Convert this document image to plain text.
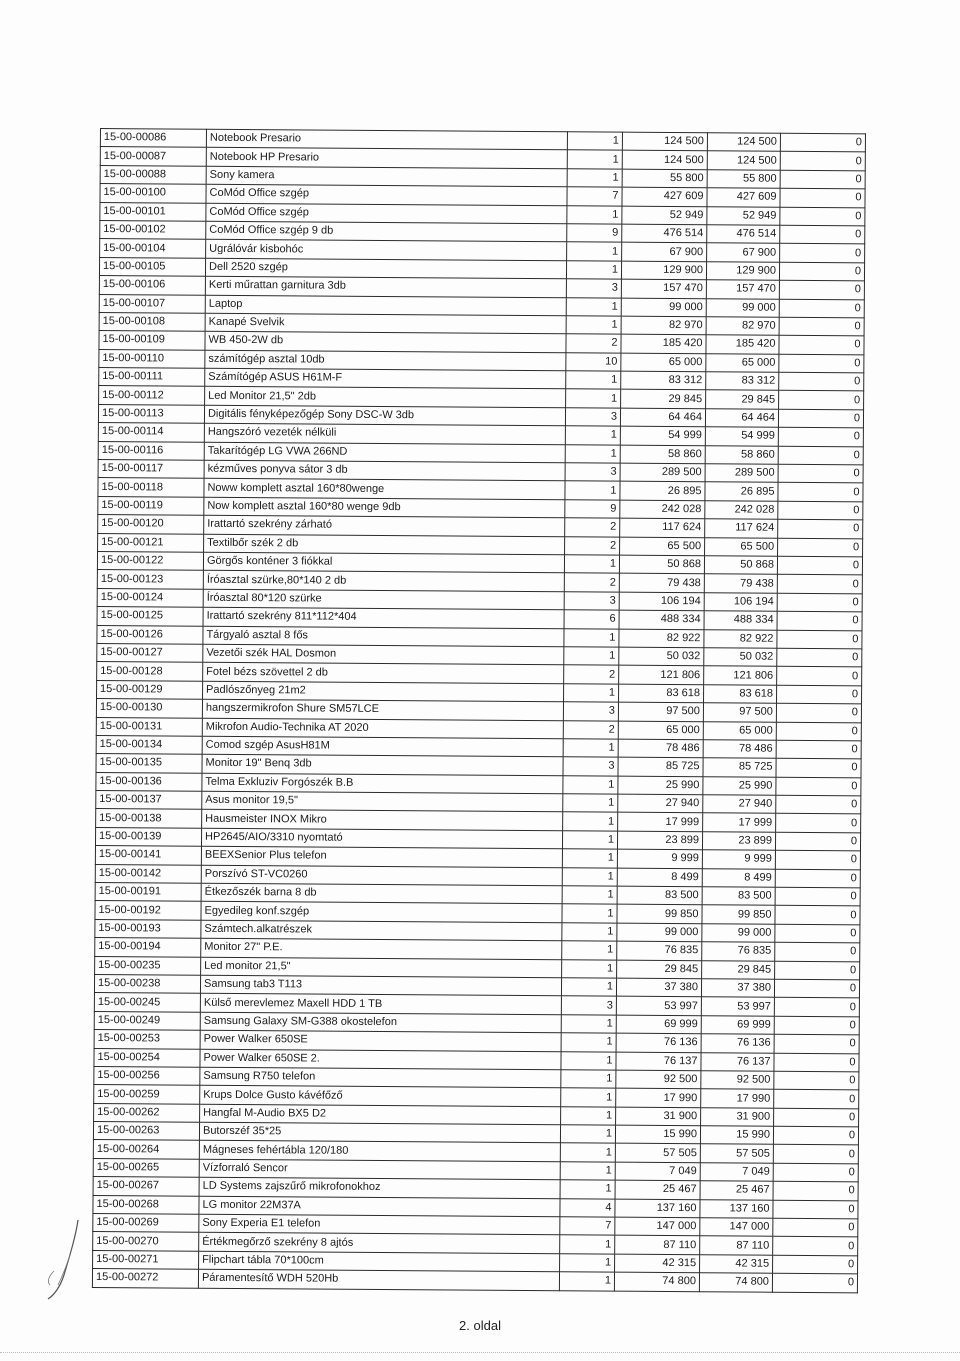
15-00-00086	Notebook Presario	1	124 500	124 500	0
15-00-00087	Notebook HP Presario	1	124 500	124 500	0
15-00-00088	Sony kamera	1	55 800	55 800	0
15-00-00100	CoMód Office szgép	7	427 609	427 609	0
15-00-00101	CoMód Office szgép	1	52 949	52 949	0
15-00-00102	CoMód Office szgép 9 db	9	476 514	476 514	0
15-00-00104	Ugrálóvár kisbohóc	1	67 900	67 900	0
15-00-00105	Dell 2520 szgép	1	129 900	129 900	0
15-00-00106	Kerti műrattan garnitura 3db	3	157 470	157 470	0
15-00-00107	Laptop	1	99 000	99 000	0
15-00-00108	Kanapé Svelvik	1	82 970	82 970	0
15-00-00109	WB 450-2W db	2	185 420	185 420	0
15-00-00110	számítógép asztal 10db	10	65 000	65 000	0
15-00-00111	Számítógép ASUS H61M-F	1	83 312	83 312	0
15-00-00112	Led Monitor 21,5" 2db	1	29 845	29 845	0
15-00-00113	Digitális fényképezőgép Sony DSC-W 3db	3	64 464	64 464	0
15-00-00114	Hangszóró vezeték nélküli	1	54 999	54 999	0
15-00-00116	Takarítógép LG VWA 266ND	1	58 860	58 860	0
15-00-00117	kézműves ponyva sátor 3 db	3	289 500	289 500	0
15-00-00118	Noww komplett asztal 160*80wenge	1	26 895	26 895	0
15-00-00119	Now komplett asztal 160*80 wenge 9db	9	242 028	242 028	0
15-00-00120	Irattartó szekrény zárható	2	117 624	117 624	0
15-00-00121	Textilbőr szék 2 db	2	65 500	65 500	0
15-00-00122	Görgős konténer 3 fiókkal	1	50 868	50 868	0
15-00-00123	Íróasztal szürke,80*140 2 db	2	79 438	79 438	0
15-00-00124	Íróasztal 80*120 szürke	3	106 194	106 194	0
15-00-00125	Irattartó szekrény 811*112*404	6	488 334	488 334	0
15-00-00126	Tárgyaló asztal 8 fős	1	82 922	82 922	0
15-00-00127	Vezetői szék HAL Dosmon	1	50 032	50 032	0
15-00-00128	Fotel bézs szövettel 2 db	2	121 806	121 806	0
15-00-00129	Padlószőnyeg 21m2	1	83 618	83 618	0
15-00-00130	hangszermikrofon Shure SM57LCE	3	97 500	97 500	0
15-00-00131	Mikrofon Audio-Technika AT 2020	2	65 000	65 000	0
15-00-00134	Comod szgép AsusH81M	1	78 486	78 486	0
15-00-00135	Monitor 19" Benq 3db	3	85 725	85 725	0
15-00-00136	Telma Exkluziv Forgószék B.B	1	25 990	25 990	0
15-00-00137	Asus monitor 19,5"	1	27 940	27 940	0
15-00-00138	Hausmeister INOX Mikro	1	17 999	17 999	0
15-00-00139	HP2645/AIO/3310 nyomtató	1	23 899	23 899	0
15-00-00141	BEEXSenior Plus telefon	1	9 999	9 999	0
15-00-00142	Porszívó ST-VC0260	1	8 499	8 499	0
15-00-00191	Étkezőszék barna 8 db	1	83 500	83 500	0
15-00-00192	Egyedileg konf.szgép	1	99 850	99 850	0
15-00-00193	Számtech.alkatrészek	1	99 000	99 000	0
15-00-00194	Monitor 27" P.E.	1	76 835	76 835	0
15-00-00235	Led monitor 21,5"	1	29 845	29 845	0
15-00-00238	Samsung tab3 T113	1	37 380	37 380	0
15-00-00245	Külső merevlemez Maxell HDD 1 TB	3	53 997	53 997	0
15-00-00249	Samsung Galaxy SM-G388 okostelefon	1	69 999	69 999	0
15-00-00253	Power Walker 650SE	1	76 136	76 136	0
15-00-00254	Power Walker 650SE 2.	1	76 137	76 137	0
15-00-00256	Samsung R750 telefon	1	92 500	92 500	0
15-00-00259	Krups Dolce Gusto kávéfőző	1	17 990	17 990	0
15-00-00262	Hangfal M-Audio BX5 D2	1	31 900	31 900	0
15-00-00263	Butorszéf 35*25	1	15 990	15 990	0
15-00-00264	Mágneses fehértábla 120/180	1	57 505	57 505	0
15-00-00265	Vízforraló Sencor	1	7 049	7 049	0
15-00-00267	LD Systems zajszűrő mikrofonokhoz	1	25 467	25 467	0
15-00-00268	LG monitor 22M37A	4	137 160	137 160	0
15-00-00269	Sony Experia E1 telefon	7	147 000	147 000	0
15-00-00270	Értékmegőrző szekrény 8 ajtós	1	87 110	87 110	0
15-00-00271	Flipchart tábla 70*100cm	1	42 315	42 315	0
15-00-00272	Páramentesítő WDH 520Hb	1	74 800	74 800	0
2. oldal
